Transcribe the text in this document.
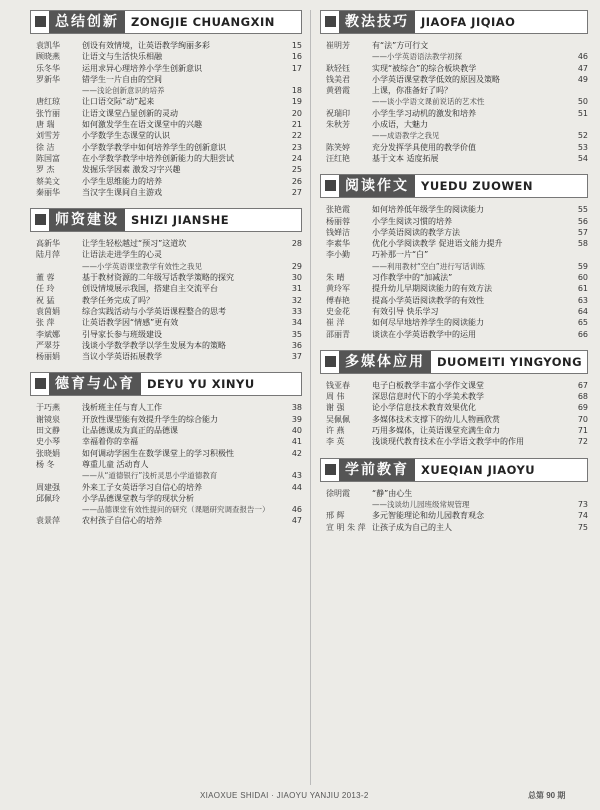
总结创新	ZONGJIE CHUANGXIN
袁凯华	创设有效情境，让英语教学绚丽多彩	15
顾晓燕	让语文与生活快乐相融	16
乐冬华	运用求异心理培养小学生创新意识	17
罗新华	错学生一片自由的空间
——浅论创新意识的培养	18
唐红琼	让口语交际“动”起来	19
张竹丽	让语文课堂凸显创新的灵动	20
唐 瑞	如何激发学生在语文课堂中的兴趣	21
刘雪芳	小学数学生态课堂的认识	22
徐 洁	小学数学教学中如何培养学生的创新意识	23
陈国富	在小学数学教学中培养创新能力的大胆尝试	24
罗 杰	发掘乐学因素 激发习字兴趣	25
蔡美文	小学生思维能力的培养	26
秦丽华	当汉字生课间自主游戏	27
师资建设	SHIZI JIANSHE
高新华	让学生轻松越过“预习”这道坎	28
陆月萍	让语法走进学生的心灵
——小学英语课堂教学有效性之我见	29
董 蓉	基于教材资源的二年级写话教学策略的探究	30
任 玲	创设情境展示我国，搭建自主交流平台	31
祝 猛	教学任务完成了吗？	32
袁茵娟	综合实践活动与小学英语课程整合的思考	33
张 萍	让英语教学因“情感”更有效	34
李斌娜	引导家长参与班级建设	35
严翠芬	浅谈小学数学教学以学生发展为本的策略	36
杨丽娟	当议小学英语拓展教学	37
德育与心育	DEYU YU XINYU
于巧燕	浅析班主任与育人工作	38
谢镜泉	开放性课型能有效提升学生的综合能力	39
田文静	让品德课成为真正的品德课	40
史小琴	幸福着你的幸福	41
张晓娟	如何调动学困生在数学课堂上的学习积极性	42
杨 冬	尊重儿童 活动育人
——从“道德银行”浅析灵思小学道德教育	43
周建强	外来工子女英语学习自信心的培养	44
邱佩玲	小学品德课堂教与学的现状分析
——品德课堂有效性提问的研究（课题研究调查报告一）	46
袁景萍	农村孩子自信心的培养	47
教法技巧	JIAOFA JIQIAO
崔明芳	有“法”方可行文
——小学英语语法教学初探	46
耿轻钰	实现“被综合”的综合板块教学	47
钱美君	小学英语课堂教学低效的原因及策略	49
黄碧霞	上课，你准备好了吗？
——谈小学语文课前说话的艺术性	50
祝瑞印	小学生学习动机的激发和培养	51
朱秋芳	小成语，大魅力
——成语教学之我见	52
陈笑婷	充分发挥学具使用的教学价值	53
汪红艳	基于文本 适度拓展	54
阅读作文	YUEDU ZUOWEN
张艳霞	如何培养低年级学生的阅读能力	55
杨丽蓉	小学生阅读习惯的培养	56
钱婵洁	小学英语阅读的教学方法	57
李素华	优化小学阅读教学 促进语文能力提升	58
李小勤	巧补那一片“白”
——利用教材“空白”进行写话训练	59
朱 晴	习作教学中的“加减法”	60
黄玲军	提升幼儿早期阅读能力的有效方法	61
傅春艳	提高小学英语阅读教学的有效性	63
史金花	有效引导 快乐学习	64
崔 洋	如何尽早地培养学生的阅读能力	65
邵丽青	谈读在小学英语教学中的运用	66
多媒体应用	DUOMEITI YINGYONG
钱亚春	电子白板教学丰富小学作文课堂	67
周 伟	深思信息时代下的小学美术教学	68
谢 强	论小学信息技术教育效果优化	69
吴佩佩	多媒体技术支撑下的幼儿人物画欣赏	70
许 燕	巧用多媒体，让英语课堂充满生命力	71
李 英	浅谈现代教育技术在小学语文教学中的作用	72
学前教育	XUEQIAN JIAOYU
徐明霞	“静”由心生
——浅谈幼儿园班级常规管理	73
邢 辉	多元智能理论和幼儿园教育观念	74
宣 明 朱 萍 让孩子成为自己的主人	75
XIAOXUE SHIDAI · JIAOYU YANJIU 2013-2	总第 90 期
